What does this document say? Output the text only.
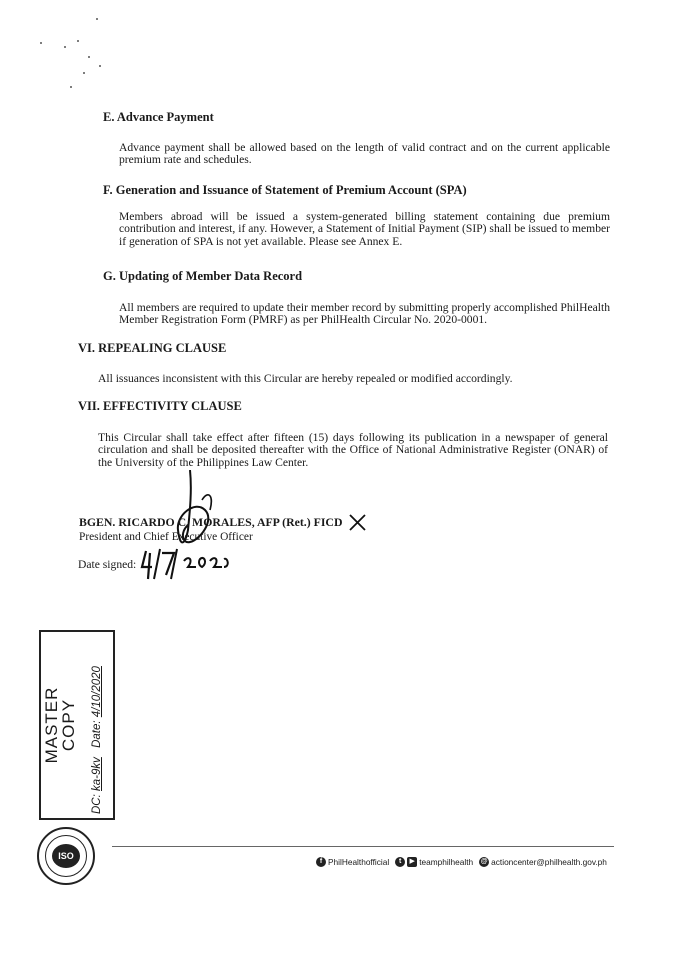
E. Advance Payment
Advance payment shall be allowed based on the length of valid contract and on the current applicable premium rate and schedules.
F. Generation and Issuance of Statement of Premium Account (SPA)
Members abroad will be issued a system-generated billing statement containing due premium contribution and interest, if any. However, a Statement of Initial Payment (SIP) shall be issued to member if generation of SPA is not yet available. Please see Annex E.
G. Updating of Member Data Record
All members are required to update their member record by submitting properly accomplished PhilHealth Member Registration Form (PMRF) as per PhilHealth Circular No. 2020-0001.
VI. REPEALING CLAUSE
All issuances inconsistent with this Circular are hereby repealed or modified accordingly.
VII. EFFECTIVITY CLAUSE
This Circular shall take effect after fifteen (15) days following its publication in a newspaper of general circulation and shall be deposited thereafter with the Office of National Administrative Register (ONAR) of the University of the Philippines Law Center.
BGEN. RICARDO C. MORALES, AFP (Ret.) FICD
President and Chief Executive Officer
Date signed:
MASTER
COPY
DC: ka-9kv Date: 4/10/2020
ISO
f PhilHealthofficial	t	▶ teamphilhealth @ actioncenter@philhealth.gov.ph
